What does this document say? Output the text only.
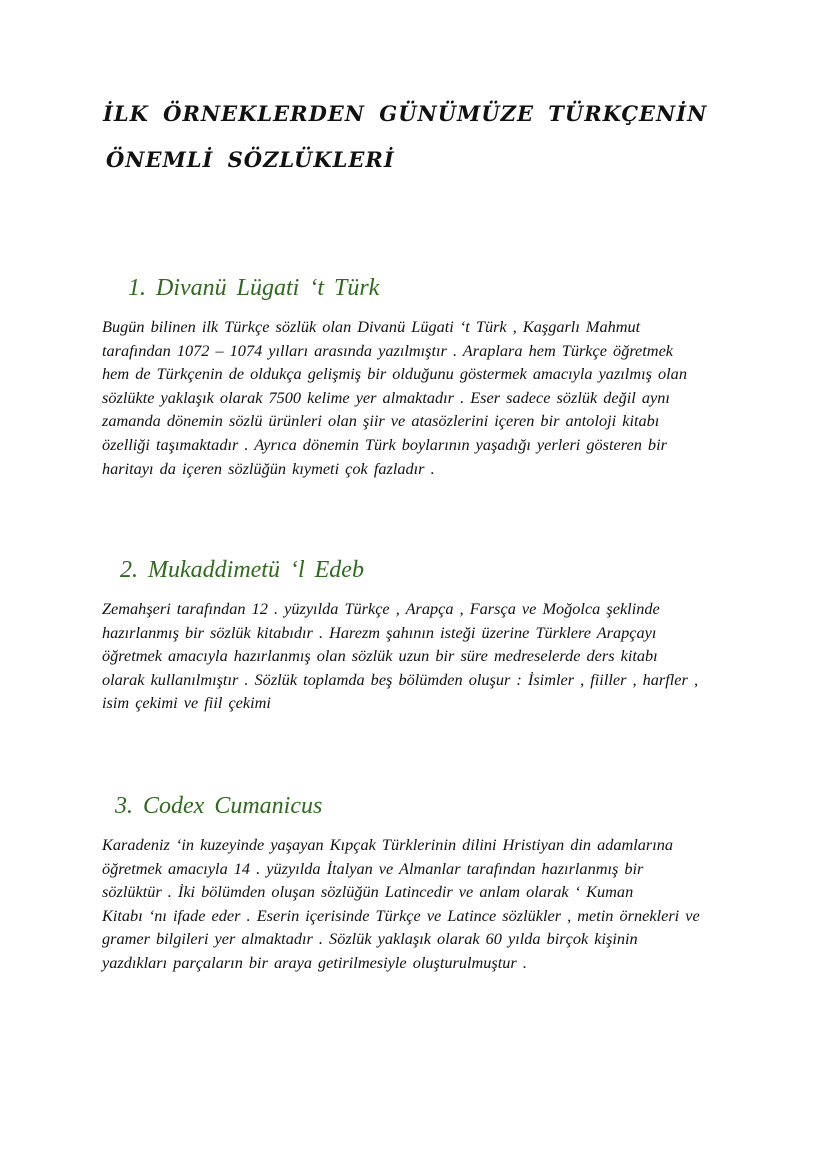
İLK ÖRNEKLERDEN GÜNÜMÜZE TÜRKÇENİN
ÖNEMLİ SÖZLÜKLERİ
1. Divanü Lügati ‘t Türk
Bugün bilinen ilk Türkçe sözlük olan Divanü Lügati ‘t Türk , Kaşgarlı Mahmut
tarafından 1072 – 1074 yılları arasında yazılmıştır . Araplara hem Türkçe öğretmek
hem de Türkçenin de oldukça gelişmiş bir olduğunu göstermek amacıyla yazılmış olan
sözlükte yaklaşık olarak 7500 kelime yer almaktadır . Eser sadece sözlük değil aynı
zamanda dönemin sözlü ürünleri olan şiir ve atasözlerini içeren bir antoloji kitabı
özelliği taşımaktadır . Ayrıca dönemin Türk boylarının yaşadığı yerleri gösteren bir
haritayı da içeren sözlüğün kıymeti çok fazladır .
2. Mukaddimetü ‘l Edeb
Zemahşeri tarafından 12 . yüzyılda Türkçe , Arapça , Farsça ve Moğolca şeklinde
hazırlanmış bir sözlük kitabıdır . Harezm şahının isteği üzerine Türklere Arapçayı
öğretmek amacıyla hazırlanmış olan sözlük uzun bir süre medreselerde ders kitabı
olarak kullanılmıştır . Sözlük toplamda beş bölümden oluşur : İsimler , fiiller , harfler ,
isim çekimi ve fiil çekimi
3. Codex Cumanicus
Karadeniz ‘in kuzeyinde yaşayan Kıpçak Türklerinin dilini Hristiyan din adamlarına
öğretmek amacıyla 14 . yüzyılda İtalyan ve Almanlar tarafından hazırlanmış bir
sözlüktür . İki bölümden oluşan sözlüğün Latincedir ve anlam olarak ‘ Kuman
Kitabı ‘nı ifade eder . Eserin içerisinde Türkçe ve Latince sözlükler , metin örnekleri ve
gramer bilgileri yer almaktadır . Sözlük yaklaşık olarak 60 yılda birçok kişinin
yazdıkları parçaların bir araya getirilmesiyle oluşturulmuştur .
